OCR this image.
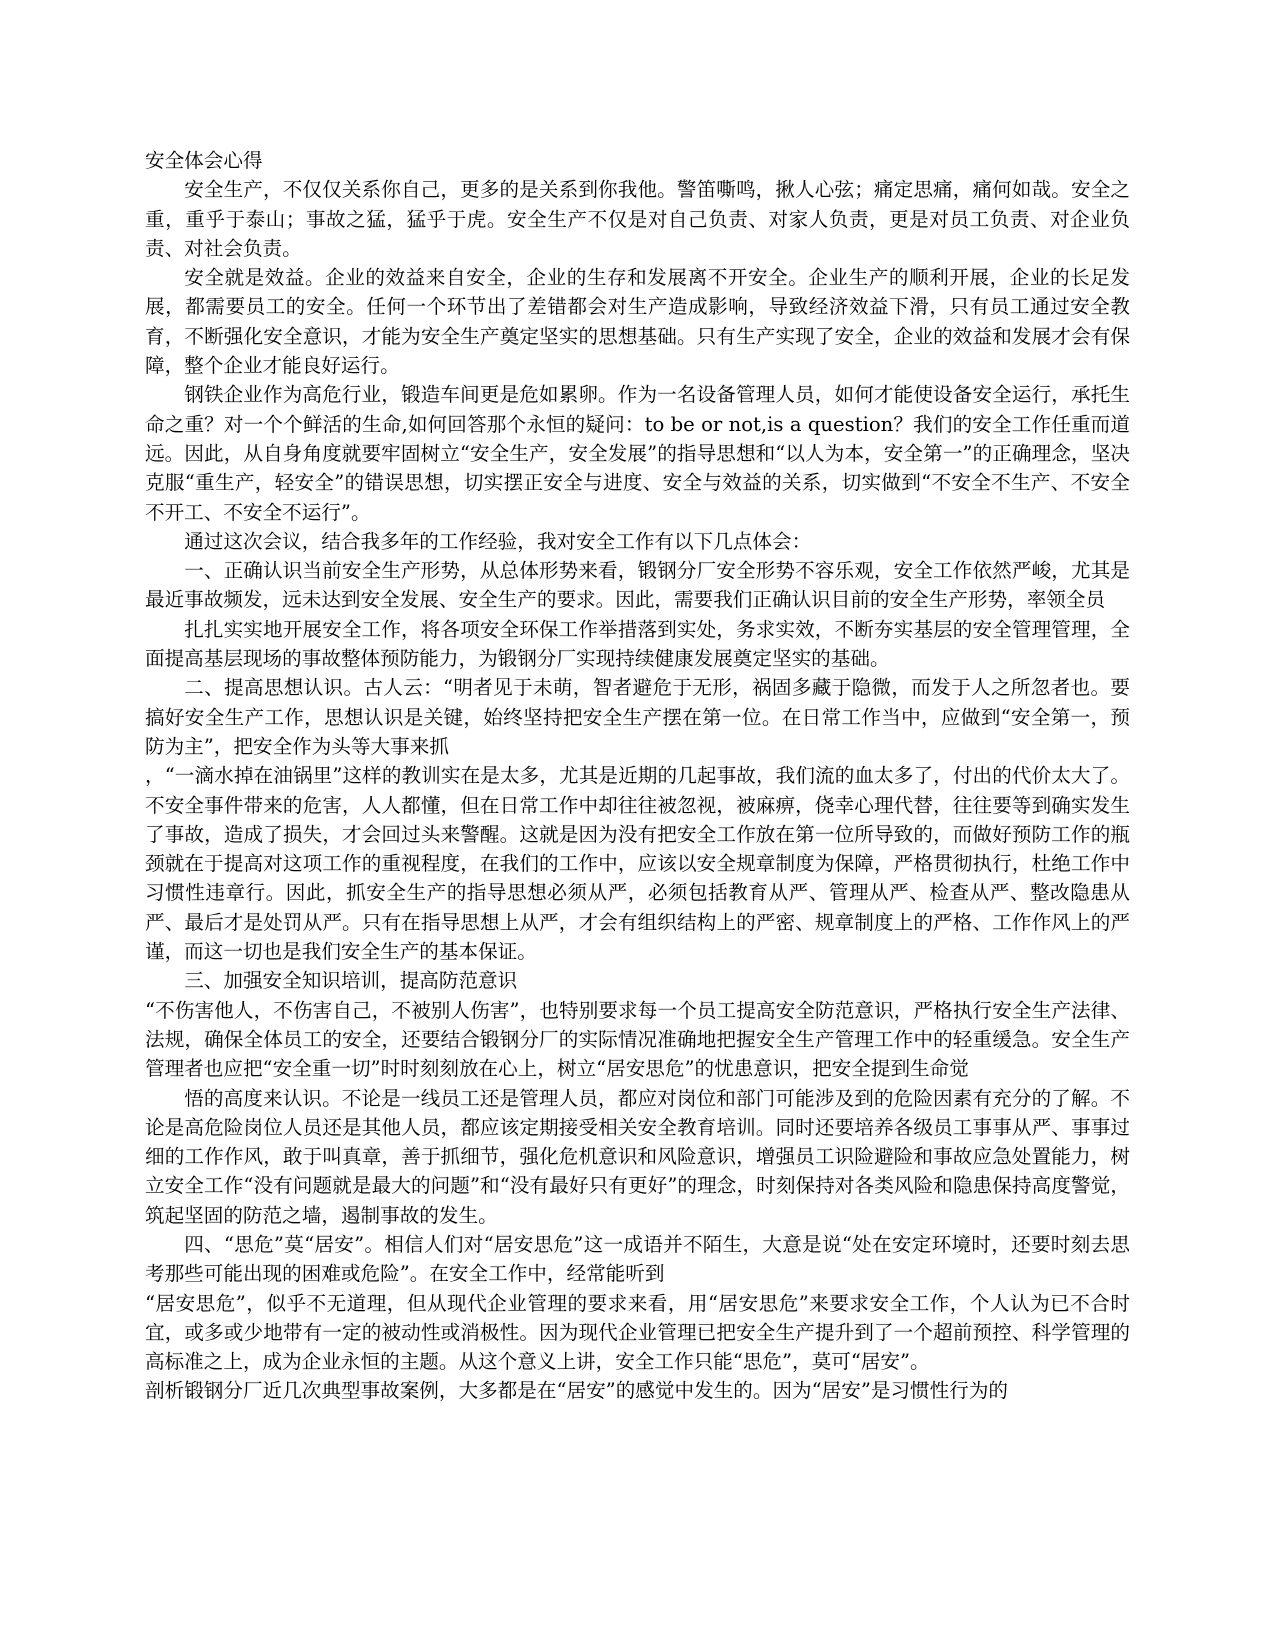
安全体会心得

安全生产，不仅仅关系你自己，更多的是关系到你我他。警笛嘶鸣，揪人心弦；痛定思痛，痛何如哉。安全之重，重乎于泰山；事故之猛，猛乎于虎。安全生产不仅是对自己负责、对家人负责，更是对员工负责、对企业负责、对社会负责。

安全就是效益。企业的效益来自安全，企业的生存和发展离不开安全。企业生产的顺利开展，企业的长足发展，都需要员工的安全。任何一个环节出了差错都会对生产造成影响，导致经济效益下滑，只有员工通过安全教育，不断强化安全意识，才能为安全生产奠定坚实的思想基础。只有生产实现了安全，企业的效益和发展才会有保障，整个企业才能良好运行。

钢铁企业作为高危行业，锻造车间更是危如累卵。作为一名设备管理人员，如何才能使设备安全运行，承托生命之重？对一个个鲜活的生命,如何回答那个永恒的疑问：to be or not,is a question？我们的安全工作任重而道远。因此，从自身角度就要牢固树立“安全生产，安全发展”的指导思想和“以人为本，安全第一”的正确理念，坚决克服“重生产，轻安全”的错误思想，切实摆正安全与进度、安全与效益的关系，切实做到“不安全不生产、不安全不开工、不安全不运行”。

通过这次会议，结合我多年的工作经验，我对安全工作有以下几点体会：

一、正确认识当前安全生产形势，从总体形势来看，锻钢分厂安全形势不容乐观，安全工作依然严峻，尤其是最近事故频发，远未达到安全发展、安全生产的要求。因此，需要我们正确认识目前的安全生产形势，率领全员

扎扎实实地开展安全工作，将各项安全环保工作举措落到实处，务求实效，不断夯实基层的安全管理管理，全面提高基层现场的事故整体预防能力，为锻钢分厂实现持续健康发展奠定坚实的基础。

二、提高思想认识。古人云：“明者见于未萌，智者避危于无形，祸固多藏于隐微，而发于人之所忽者也。要搞好安全生产工作，思想认识是关键，始终坚持把安全生产摆在第一位。在日常工作当中，应做到“安全第一，预防为主”，把安全作为头等大事来抓

，“一滴水掉在油锅里”这样的教训实在是太多，尤其是近期的几起事故，我们流的血太多了，付出的代价太大了。不安全事件带来的危害，人人都懂，但在日常工作中却往往被忽视，被麻痹，侥幸心理代替，往往要等到确实发生了事故，造成了损失，才会回过头来警醒。这就是因为没有把安全工作放在第一位所导致的，而做好预防工作的瓶颈就在于提高对这项工作的重视程度，在我们的工作中，应该以安全规章制度为保障，严格贯彻执行，杜绝工作中习惯性违章行。因此，抓安全生产的指导思想必须从严，必须包括教育从严、管理从严、检查从严、整改隐患从严、最后才是处罚从严。只有在指导思想上从严，才会有组织结构上的严密、规章制度上的严格、工作作风上的严谨，而这一切也是我们安全生产的基本保证。

三、加强安全知识培训，提高防范意识

“不伤害他人，不伤害自己，不被别人伤害”，也特别要求每一个员工提高安全防范意识，严格执行安全生产法律、法规，确保全体员工的安全，还要结合锻钢分厂的实际情况准确地把握安全生产管理工作中的轻重缓急。安全生产管理者也应把“安全重一切”时时刻刻放在心上，树立“居安思危”的忧患意识，把安全提到生命觉

悟的高度来认识。不论是一线员工还是管理人员，都应对岗位和部门可能涉及到的危险因素有充分的了解。不论是高危险岗位人员还是其他人员，都应该定期接受相关安全教育培训。同时还要培养各级员工事事从严、事事过细的工作作风，敢于叫真章，善于抓细节，强化危机意识和风险意识，增强员工识险避险和事故应急处置能力，树立安全工作“没有问题就是最大的问题”和“没有最好只有更好”的理念，时刻保持对各类风险和隐患保持高度警觉，筑起坚固的防范之墙，遏制事故的发生。

四、“思危”莫“居安”。相信人们对“居安思危”这一成语并不陌生，大意是说“处在安定环境时，还要时刻去思考那些可能出现的困难或危险”。在安全工作中，经常能听到

“居安思危”，似乎不无道理，但从现代企业管理的要求来看，用“居安思危”来要求安全工作，个人认为已不合时宜，或多或少地带有一定的被动性或消极性。因为现代企业管理已把安全生产提升到了一个超前预控、科学管理的高标准之上，成为企业永恒的主题。从这个意义上讲，安全工作只能“思危”，莫可“居安”。

剖析锻钢分厂近几次典型事故案例，大多都是在“居安”的感觉中发生的。因为“居安”是习惯性行为的
